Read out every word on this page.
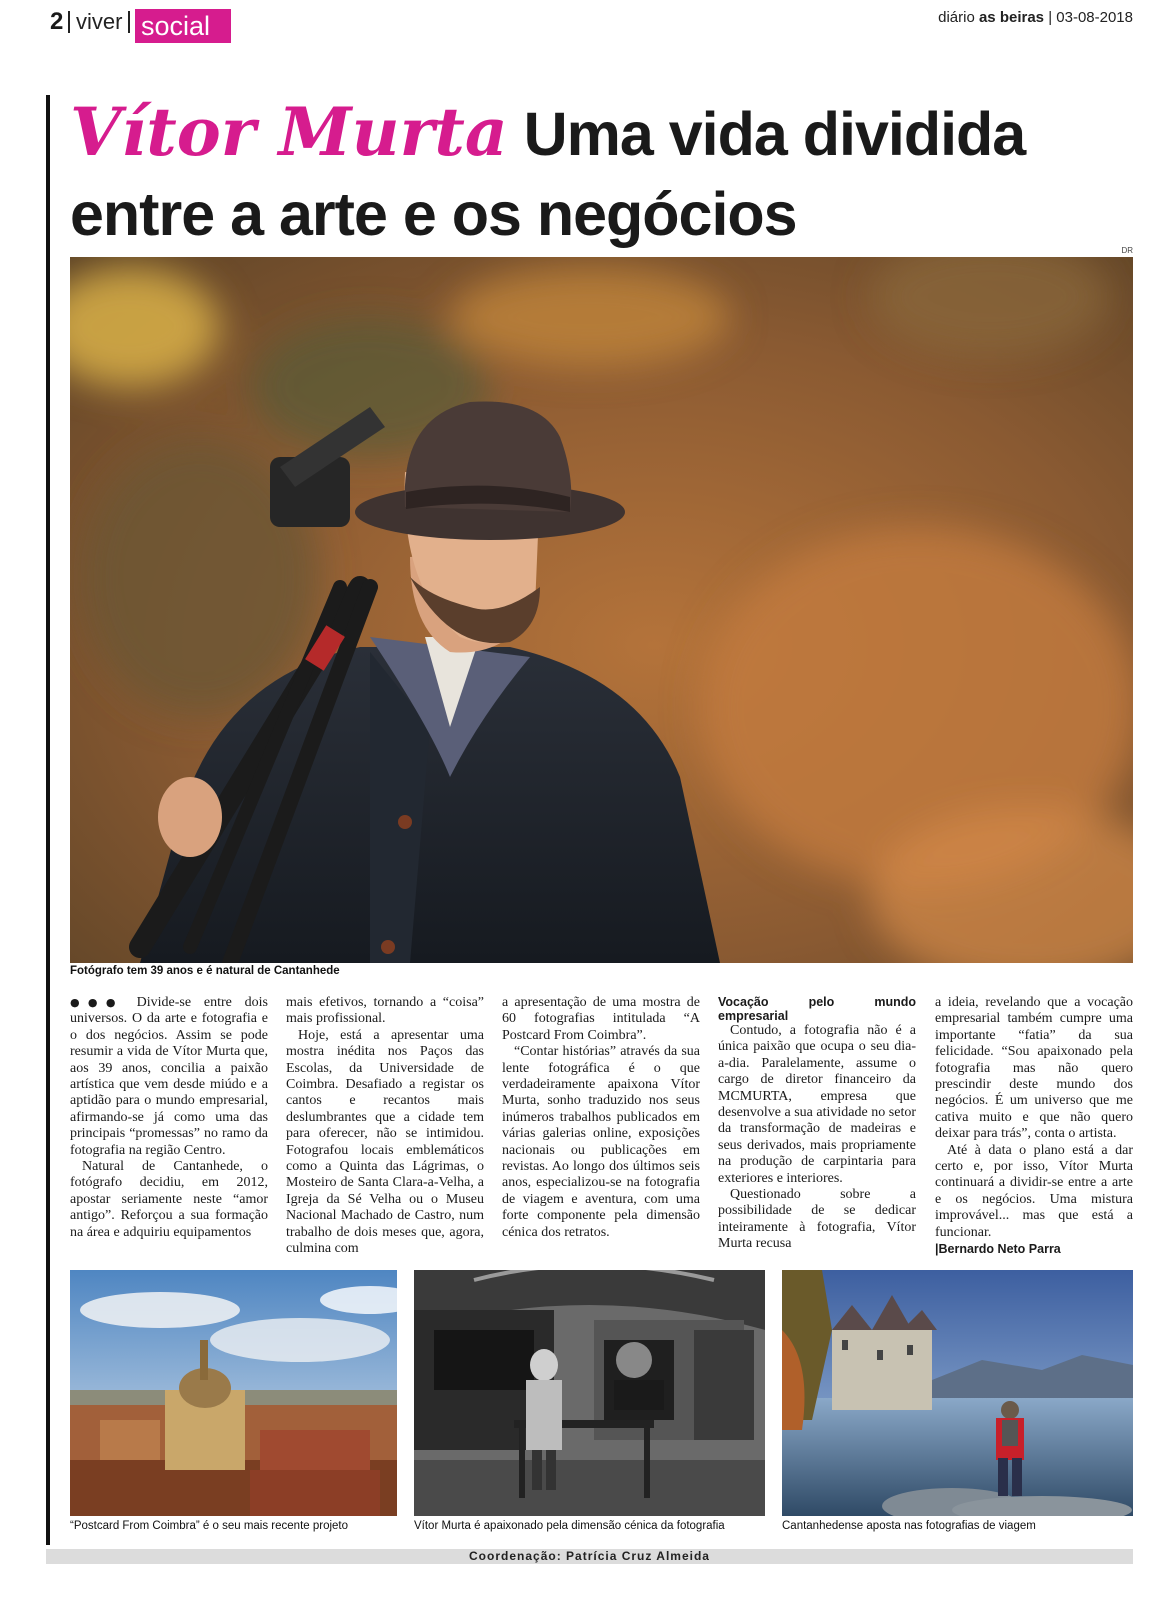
2 viver social	diário as beiras | 03-08-2018
Vítor Murta Uma vida dividida entre a arte e os negócios
DR
Fotógrafo tem 39 anos e é natural de Cantanhede

●●● Divide-se entre dois universos. O da arte e fotografia e o dos negócios. Assim se pode resumir a vida de Vítor Murta que, aos 39 anos, concilia a paixão artística que vem desde miúdo e a aptidão para o mundo empresarial, afirmando-se já como uma das principais “promessas” no ramo da fotografia na região Centro.

Natural de Cantanhede, o fotógrafo decidiu, em 2012, apostar seriamente neste “amor antigo”. Reforçou a sua formação na área e adquiriu equipamentos

mais efetivos, tornando a “coisa” mais profissional.

Hoje, está a apresentar uma mostra inédita nos Paços das Escolas, da Universidade de Coimbra. Desafiado a registar os cantos e recantos mais deslumbrantes que a cidade tem para oferecer, não se intimidou. Fotografou locais emblemáticos como a Quinta das Lágrimas, o Mosteiro de Santa Clara-a-Velha, a Igreja da Sé Velha ou o Museu Nacional Machado de Castro, num trabalho de dois meses que, agora, culmina com

a apresentação de uma mostra de 60 fotografias intitulada “A Postcard From Coimbra”.

“Contar histórias” através da sua lente fotográfica é o que verdadeiramente apaixona Vítor Murta, sonho traduzido nos seus inúmeros trabalhos publicados em várias galerias online, exposições nacionais ou publicações em revistas. Ao longo dos últimos seis anos, especializou-se na fotografia de viagem e aventura, com uma forte componente pela dimensão cénica dos retratos.

Vocação pelo mundo empresarial

Contudo, a fotografia não é a única paixão que ocupa o seu dia-a-dia. Paralelamente, assume o cargo de diretor financeiro da MCMURTA, empresa que desenvolve a sua atividade no setor da transformação de madeiras e seus derivados, mais propriamente na produção de carpintaria para exteriores e interiores.

Questionado sobre a possibilidade de se dedicar inteiramente à fotografia, Vítor Murta recusa

a ideia, revelando que a vocação empresarial também cumpre uma importante “fatia” da sua felicidade. “Sou apaixonado pela fotografia mas não quero prescindir deste mundo dos negócios. É um universo que me cativa muito e que não quero deixar para trás”, conta o artista.

Até à data o plano está a dar certo e, por isso, Vítor Murta continuará a dividir-se entre a arte e os negócios. Uma mistura improvável... mas que está a funcionar.

|Bernardo Neto Parra

“Postcard From Coimbra” é o seu mais recente projeto	Vítor Murta é apaixonado pela dimensão cénica da fotografia	Cantanhedense aposta nas fotografias de viagem
Coordenação: Patrícia Cruz Almeida
